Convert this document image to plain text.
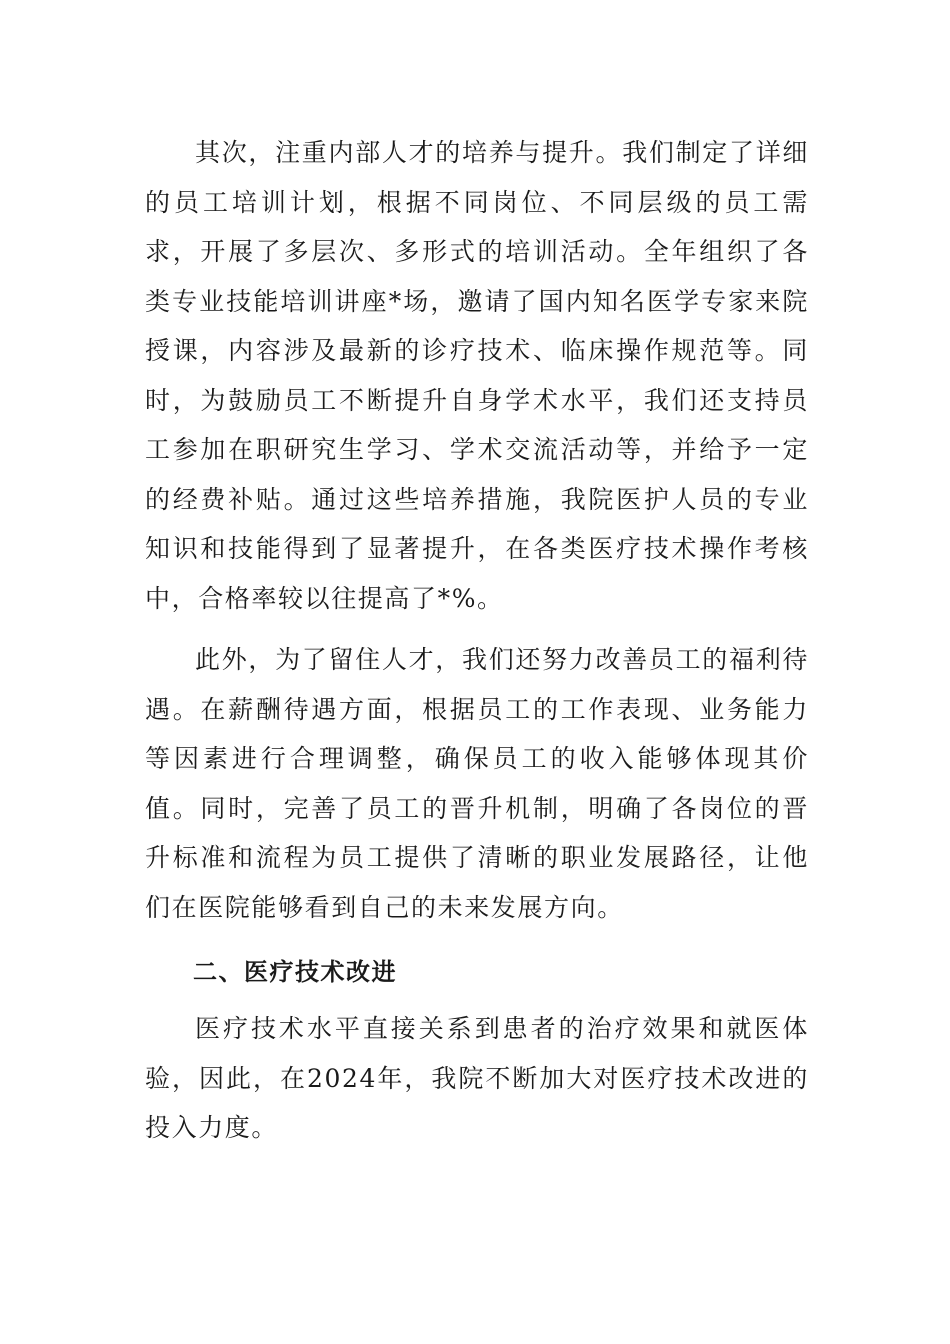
其次，注重内部人才的培养与提升。我们制定了详细的员工培训计划，根据不同岗位、不同层级的员工需求，开展了多层次、多形式的培训活动。全年组织了各类专业技能培训讲座*场，邀请了国内知名医学专家来院授课，内容涉及最新的诊疗技术、临床操作规范等。同时，为鼓励员工不断提升自身学术水平，我们还支持员工参加在职研究生学习、学术交流活动等，并给予一定的经费补贴。通过这些培养措施，我院医护人员的专业知识和技能得到了显著提升，在各类医疗技术操作考核中，合格率较以往提高了*%。

此外，为了留住人才，我们还努力改善员工的福利待遇。在薪酬待遇方面，根据员工的工作表现、业务能力等因素进行合理调整，确保员工的收入能够体现其价值。同时，完善了员工的晋升机制，明确了各岗位的晋升标准和流程为员工提供了清晰的职业发展路径，让他们在医院能够看到自己的未来发展方向。

二、医疗技术改进

医疗技术水平直接关系到患者的治疗效果和就医体验，因此，在2024年，我院不断加大对医疗技术改进的投入力度。
